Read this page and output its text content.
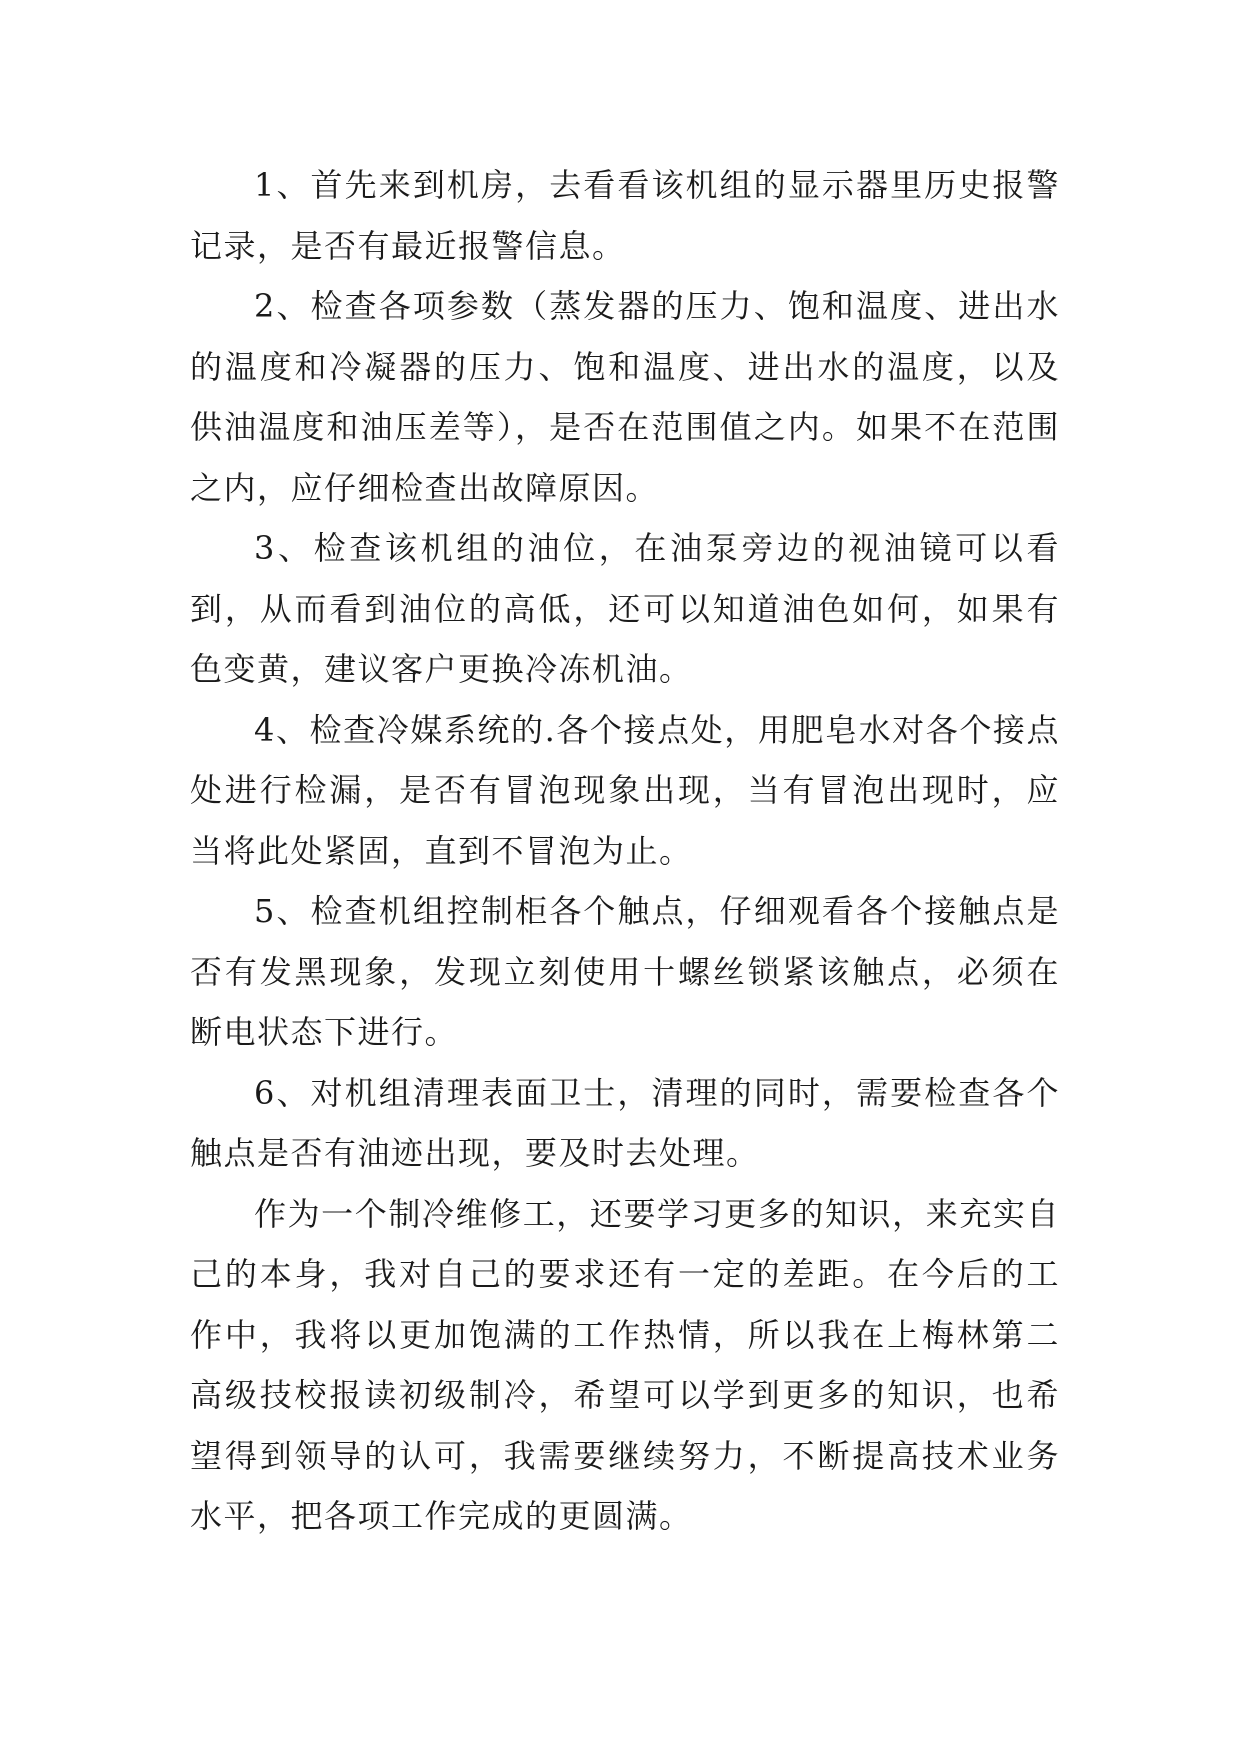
1、首先来到机房，去看看该机组的显示器里历史报警记录，是否有最近报警信息。

2、检查各项参数（蒸发器的压力、饱和温度、进出水的温度和冷凝器的压力、饱和温度、进出水的温度，以及供油温度和油压差等），是否在范围值之内。如果不在范围之内，应仔细检查出故障原因。

3、检查该机组的油位，在油泵旁边的视油镜可以看到，从而看到油位的高低，还可以知道油色如何，如果有色变黄，建议客户更换冷冻机油。

4、检查冷媒系统的.各个接点处，用肥皂水对各个接点处进行检漏，是否有冒泡现象出现，当有冒泡出现时，应当将此处紧固，直到不冒泡为止。

5、检查机组控制柜各个触点，仔细观看各个接触点是否有发黑现象，发现立刻使用十螺丝锁紧该触点，必须在断电状态下进行。

6、对机组清理表面卫士，清理的同时，需要检查各个触点是否有油迹出现，要及时去处理。

作为一个制冷维修工，还要学习更多的知识，来充实自己的本身，我对自己的要求还有一定的差距。在今后的工作中，我将以更加饱满的工作热情，所以我在上梅林第二高级技校报读初级制冷，希望可以学到更多的知识，也希望得到领导的认可，我需要继续努力，不断提高技术业务水平，把各项工作完成的更圆满。
